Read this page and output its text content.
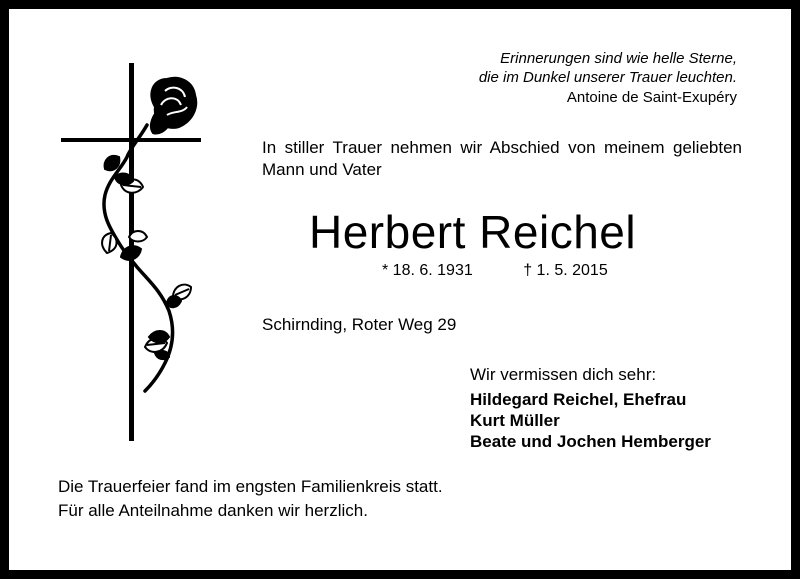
Erinnerungen sind wie helle Sterne,
die im Dunkel unserer Trauer leuchten.
Antoine de Saint-Exupéry
In stiller Trauer nehmen wir Abschied von meinem geliebten Mann und Vater
Herbert Reichel
* 18. 6. 1931	† 1. 5. 2015
Schirnding, Roter Weg 29
Wir vermissen dich sehr:
Hildegard Reichel, Ehefrau
Kurt Müller
Beate und Jochen Hemberger
Die Trauerfeier fand im engsten Familienkreis statt.
Für alle Anteilnahme danken wir herzlich.
